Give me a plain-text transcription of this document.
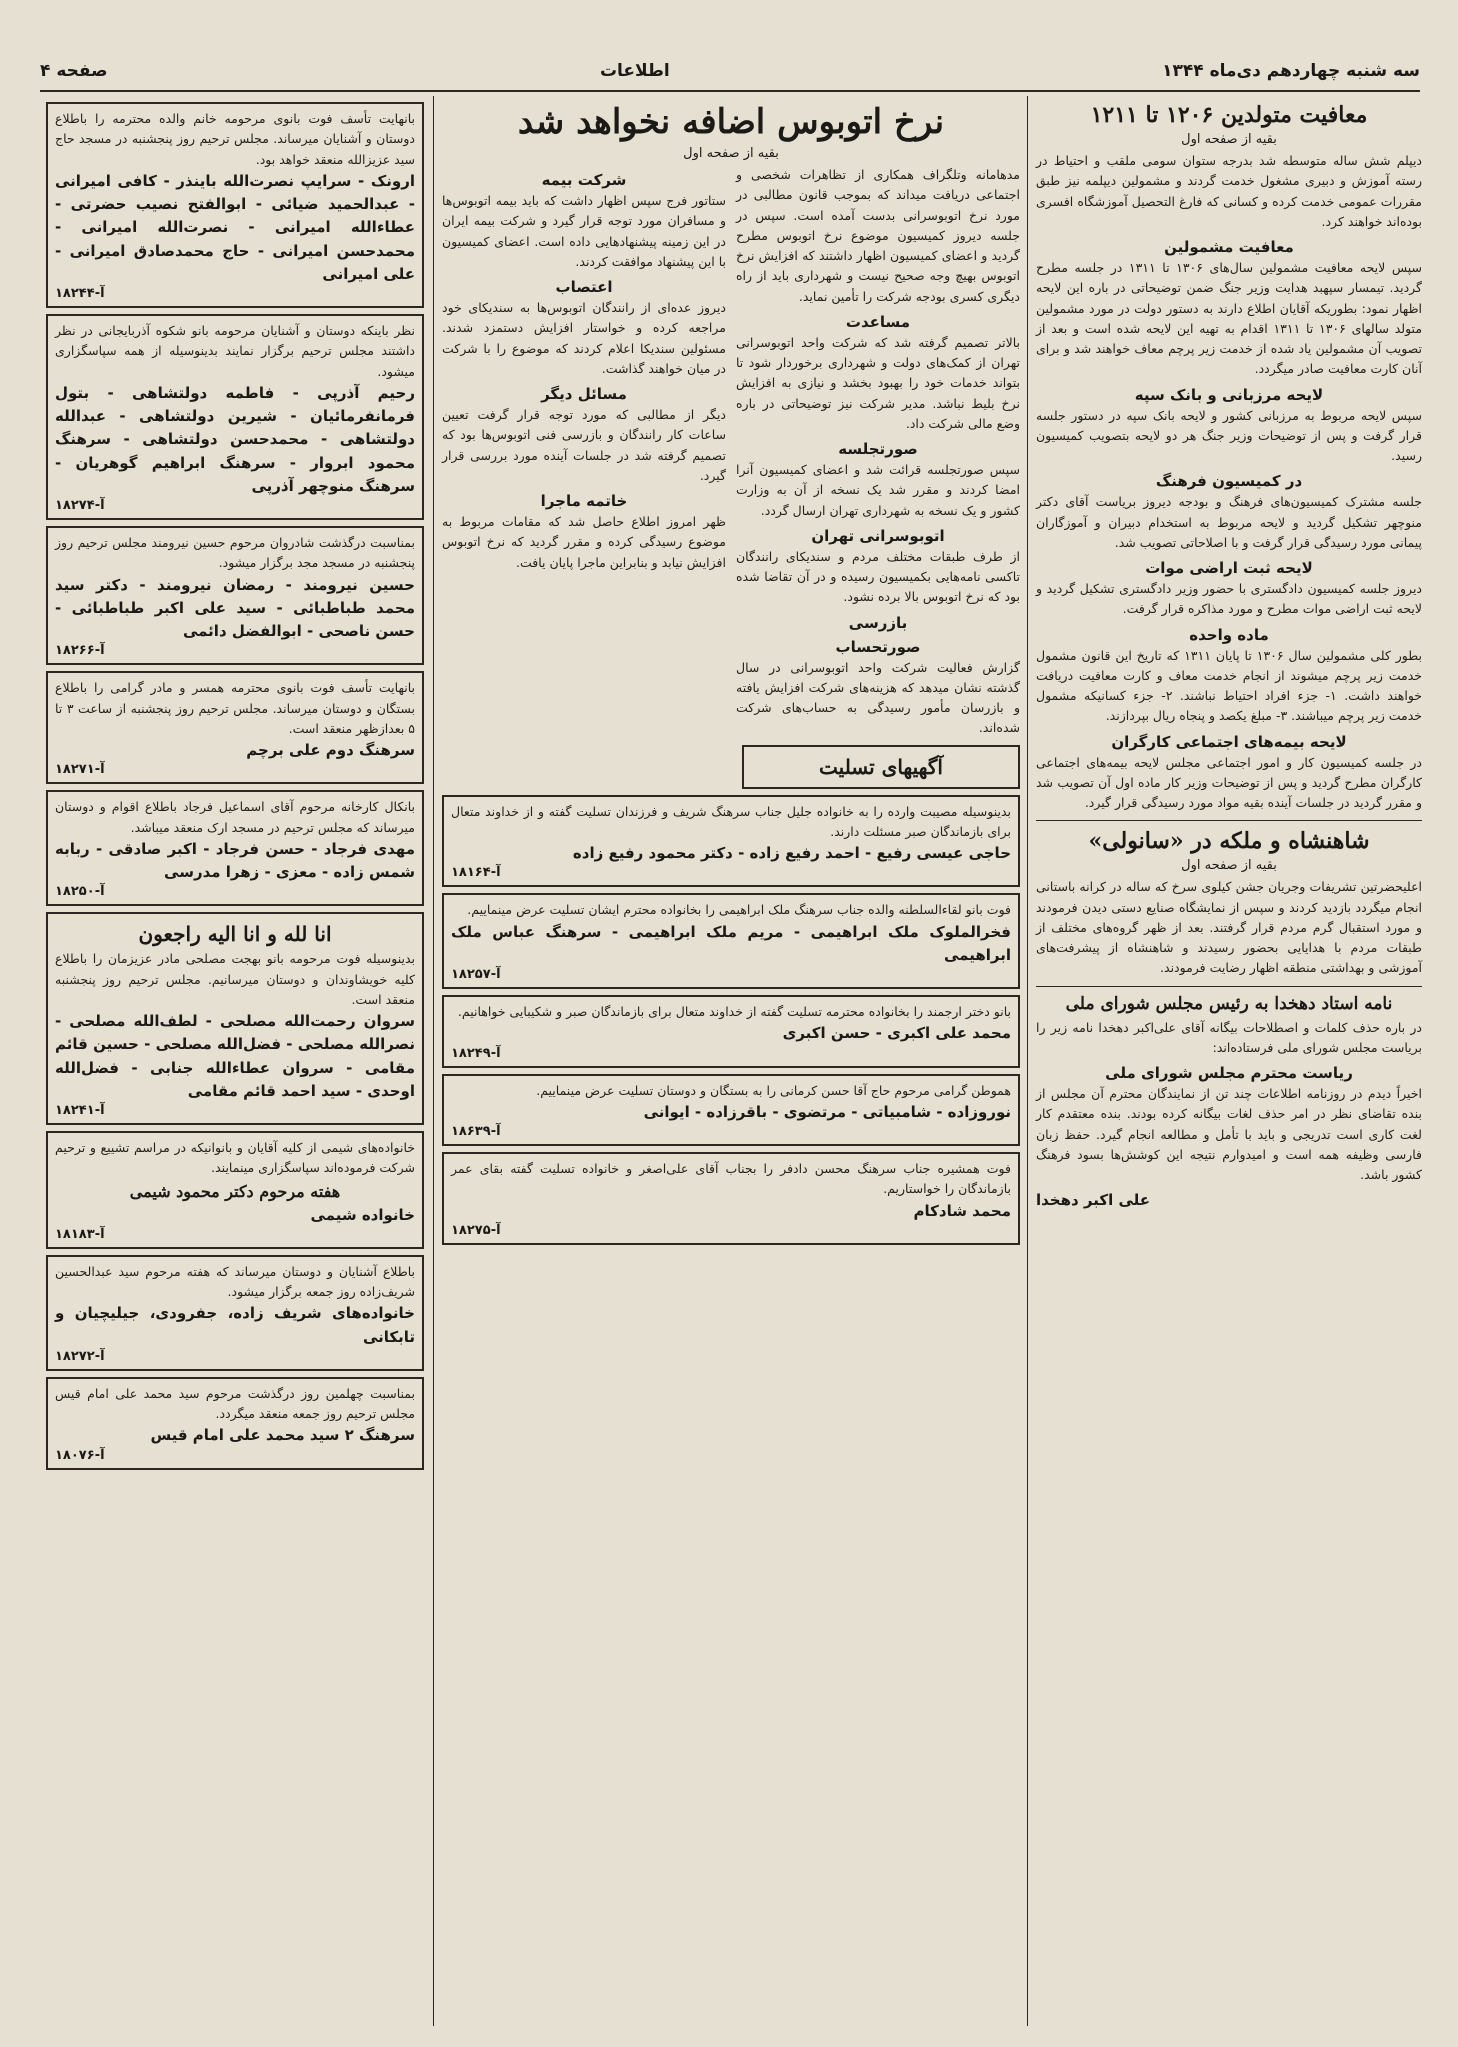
صفحه ۴	اطلاعات	سه شنبه چهاردهم دی‌ماه ۱۳۴۴
معافیت متولدین ۱۲۰۶ تا ۱۲۱۱
بقیه از صفحه اول
دیپلم شش ساله متوسطه شد بدرجه ستوان سومی ملقب و احتیاط در رسته آموزش و دبیری مشغول خدمت گردند و مشمولین دیپلمه نیز طبق مقررات عمومی خدمت کرده و کسانی که فارغ التحصیل آموزشگاه افسری بوده‌اند خواهند کرد.
معافیت مشمولین
سپس لایحه معافیت مشمولین سال‌های ۱۳۰۶ تا ۱۳۱۱ در جلسه مطرح گردید. تیمسار سپهبد هدایت وزیر جنگ ضمن توضیحاتی در باره این لایحه اظهار نمود: بطوریکه آقایان اطلاع دارند به دستور دولت در مورد مشمولین متولد سالهای ۱۳۰۶ تا ۱۳۱۱ اقدام به تهیه این لایحه شده است و بعد از تصویب آن مشمولین یاد شده از خدمت زیر پرچم معاف خواهند شد و برای آنان کارت معافیت صادر میگردد.
لایحه مرزبانی و بانک سپه
سپس لایحه مربوط به مرزبانی کشور و لایحه بانک سپه در دستور جلسه قرار گرفت و پس از توضیحات وزیر جنگ هر دو لایحه بتصویب کمیسیون رسید.
در کمیسیون فرهنگ
جلسه مشترک کمیسیون‌های فرهنگ و بودجه دیروز بریاست آقای دکتر منوچهر تشکیل گردید و لایحه مربوط به استخدام دبیران و آموزگاران پیمانی مورد رسیدگی قرار گرفت و با اصلاحاتی تصویب شد.
لایحه ثبت اراضی موات
دیروز جلسه کمیسیون دادگستری با حضور وزیر دادگستری تشکیل گردید و لایحه ثبت اراضی موات مطرح و مورد مذاکره قرار گرفت.
ماده واحده
بطور کلی مشمولین سال ۱۳۰۶ تا پایان ۱۳۱۱ که تاریخ این قانون مشمول خدمت زیر پرچم میشوند از انجام خدمت معاف و کارت معافیت دریافت خواهند داشت. ۱- جزء افراد احتیاط نباشند. ۲- جزء کسانیکه مشمول خدمت زیر پرچم میباشند. ۳- مبلغ یکصد و پنجاه ریال بپردازند.
لایحه بیمه‌های اجتماعی کارگران
در جلسه کمیسیون کار و امور اجتماعی مجلس لایحه بیمه‌های اجتماعی کارگران مطرح گردید و پس از توضیحات وزیر کار ماده اول آن تصویب شد و مقرر گردید در جلسات آینده بقیه مواد مورد رسیدگی قرار گیرد.
شاهنشاه و ملکه در «سانولی»
بقیه از صفحه اول
اعلیحضرتین تشریفات وجریان جشن کیلوی سرخ که ساله در کرانه باستانی انجام میگردد بازدید کردند و سپس از نمایشگاه صنایع دستی دیدن فرمودند و مورد استقبال گرم مردم قرار گرفتند. بعد از ظهر گروه‌های مختلف از طبقات مردم با هدایایی بحضور رسیدند و شاهنشاه از پیشرفت‌های آموزشی و بهداشتی منطقه اظهار رضایت فرمودند.
نامه استاد دهخدا به رئیس مجلس شورای ملی
در باره حذف کلمات و اصطلاحات بیگانه آقای علی‌اکبر دهخدا نامه زیر را بریاست مجلس شورای ملی فرستاده‌اند:
ریاست محترم مجلس شورای ملی
اخیراً دیدم در روزنامه اطلاعات چند تن از نمایندگان محترم آن مجلس از بنده تقاضای نظر در امر حذف لغات بیگانه کرده بودند. بنده معتقدم کار لغت کاری است تدریجی و باید با تأمل و مطالعه انجام گیرد. حفظ زبان فارسی وظیفه همه است و امیدوارم نتیجه این کوشش‌ها بسود فرهنگ کشور باشد.
علی اکبر دهخدا
نرخ اتوبوس اضافه نخواهد شد
بقیه از صفحه اول
مدهامانه وتلگراف همکاری از تظاهرات شخصی و اجتماعی دریافت میداند که بموجب قانون مطالبی در مورد نرخ اتوبوسرانی بدست آمده است. سپس در جلسه دیروز کمیسیون موضوع نرخ اتوبوس مطرح گردید و اعضای کمیسیون اظهار داشتند که افزایش نرخ اتوبوس بهیچ وجه صحیح نیست و شهرداری باید از راه دیگری کسری بودجه شرکت را تأمین نماید.
مساعدت
بالاتر تصمیم گرفته شد که شرکت واحد اتوبوسرانی تهران از کمک‌های دولت و شهرداری برخوردار شود تا بتواند خدمات خود را بهبود بخشد و نیازی به افزایش نرخ بلیط نباشد. مدیر شرکت نیز توضیحاتی در باره وضع مالی شرکت داد.
صورتجلسه
سپس صورتجلسه قرائت شد و اعضای کمیسیون آنرا امضا کردند و مقرر شد یک نسخه از آن به وزارت کشور و یک نسخه به شهرداری تهران ارسال گردد.
اتوبوسرانی تهران
از طرف طبقات مختلف مردم و سندیکای رانندگان تاکسی نامه‌هایی بکمیسیون رسیده و در آن تقاضا شده بود که نرخ اتوبوس بالا برده نشود.
بازرسی
صورتحساب
گزارش فعالیت شرکت واحد اتوبوسرانی در سال گذشته نشان میدهد که هزینه‌های شرکت افزایش یافته و بازرسان مأمور رسیدگی به حساب‌های شرکت شده‌اند.
شرکت بیمه
ستاتور فرج سپس اظهار داشت که باید بیمه اتوبوس‌ها و مسافران مورد توجه قرار گیرد و شرکت بیمه ایران در این زمینه پیشنهادهایی داده است. اعضای کمیسیون با این پیشنهاد موافقت کردند.
اعتصاب
دیروز عده‌ای از رانندگان اتوبوس‌ها به سندیکای خود مراجعه کرده و خواستار افزایش دستمزد شدند. مسئولین سندیکا اعلام کردند که موضوع را با شرکت در میان خواهند گذاشت.
مسائل دیگر
دیگر از مطالبی که مورد توجه قرار گرفت تعیین ساعات کار رانندگان و بازرسی فنی اتوبوس‌ها بود که تصمیم گرفته شد در جلسات آینده مورد بررسی قرار گیرد.
خاتمه ماجرا
ظهر امروز اطلاع حاصل شد که مقامات مربوط به موضوع رسیدگی کرده و مقرر گردید که نرخ اتوبوس افزایش نیابد و بنابراین ماجرا پایان یافت.
آگهیهای تسلیت
بدینوسیله مصیبت وارده را به خانواده جلیل جناب سرهنگ شریف و فرزندان تسلیت گفته و از خداوند متعال برای بازماندگان صبر مسئلت دارند.
حاجی عیسی رفیع - احمد رفیع زاده - دکتر محمود رفیع زاده
آ-۱۸۱۶۴
فوت بانو لقاءالسلطنه والده جناب سرهنگ ملک ابراهیمی را بخانواده محترم ایشان تسلیت عرض مینماییم.
فخرالملوک ملک ابراهیمی - مریم ملک ابراهیمی - سرهنگ عباس ملک ابراهیمی
آ-۱۸۲۵۷
بانو دختر ارجمند را بخانواده محترمه تسلیت گفته از خداوند متعال برای بازماندگان صبر و شکیبایی خواهانیم.
محمد علی اکبری - حسن اکبری
آ-۱۸۲۴۹
هموطن گرامی مرحوم حاج آقا حسن کرمانی را به بستگان و دوستان تسلیت عرض مینماییم.
نوروزاده - شامبیاتی - مرتضوی - باقرزاده - ایوانی
آ-۱۸۶۳۹
فوت همشیره جناب سرهنگ محسن دادفر را بجناب آقای علی‌اصغر و خانواده تسلیت گفته بقای عمر بازماندگان را خواستاریم.
محمد شادکام
آ-۱۸۲۷۵
بانهایت تأسف فوت بانوی مرحومه خانم والده محترمه را باطلاع دوستان و آشنایان میرساند. مجلس ترحیم روز پنجشنبه در مسجد حاج سید عزیزالله منعقد خواهد بود.
ارونک - سرایپ نصرت‌الله باینذر - کافی امیرانی - عبدالحمید ضیائی - ابوالفتح نصیب حضرتی - عطاءالله امیرانی - نصرت‌الله امیرانی - محمدحسن امیرانی - حاج محمدصادق امیرانی - علی امیرانی
آ-۱۸۲۴۴
نظر باینکه دوستان و آشنایان مرحومه بانو شکوه آذربایجانی در نظر داشتند مجلس ترحیم برگزار نمایند بدینوسیله از همه سپاسگزاری میشود.
رحیم آذرپی - فاطمه دولتشاهی - بتول فرمانفرمائیان - شیرین دولتشاهی - عبدالله دولتشاهی - محمدحسن دولتشاهی - سرهنگ محمود ابروار - سرهنگ ابراهیم گوهریان - سرهنگ منوچهر آذرپی
آ-۱۸۲۷۴
بمناسبت درگذشت شادروان مرحوم حسین نیرومند مجلس ترحیم روز پنجشنبه در مسجد مجد برگزار میشود.
حسین نیرومند - رمضان نیرومند - دکتر سید محمد طباطبائی - سید علی اکبر طباطبائی - حسن ناصحی - ابوالفضل دائمی
آ-۱۸۲۶۶
بانهایت تأسف فوت بانوی محترمه همسر و مادر گرامی را باطلاع بستگان و دوستان میرساند. مجلس ترحیم روز پنجشنبه از ساعت ۳ تا ۵ بعدازظهر منعقد است.
سرهنگ دوم علی برچم
آ-۱۸۲۷۱
بانکال کارخانه مرحوم آقای اسماعیل فرجاد باطلاع اقوام و دوستان میرساند که مجلس ترحیم در مسجد ارک منعقد میباشد.
مهدی فرجاد - حسن فرجاد - اکبر صادقی - ربابه شمس زاده - معزی - زهرا مدرسی
آ-۱۸۲۵۰
انا لله و انا الیه راجعون
بدینوسیله فوت مرحومه بانو بهجت مصلحی مادر عزیزمان را باطلاع کلیه خویشاوندان و دوستان میرسانیم. مجلس ترحیم روز پنجشنبه منعقد است.
سروان رحمت‌الله مصلحی - لطف‌الله مصلحی - نصرالله مصلحی - فضل‌الله مصلحی - حسین قائم مقامی - سروان عطاءالله جنابی - فضل‌الله اوحدی - سید احمد قائم مقامی
آ-۱۸۲۴۱
خانواده‌های شیمی از کلیه آقایان و بانوانیکه در مراسم تشییع و ترحیم شرکت فرموده‌اند سپاسگزاری مینمایند.
هفته مرحوم دکتر محمود شیمی
خانواده شیمی
آ-۱۸۱۸۳
باطلاع آشنایان و دوستان میرساند که هفته مرحوم سید عبدالحسین شریف‌زاده روز جمعه برگزار میشود.
خانواده‌های شریف زاده، جفرودی، جیلیچیان و تابکانی
آ-۱۸۲۷۲
بمناسبت چهلمین روز درگذشت مرحوم سید محمد علی امام قیس مجلس ترحیم روز جمعه منعقد میگردد.
سرهنگ ۲ سید محمد علی امام قیس
آ-۱۸۰۷۶
